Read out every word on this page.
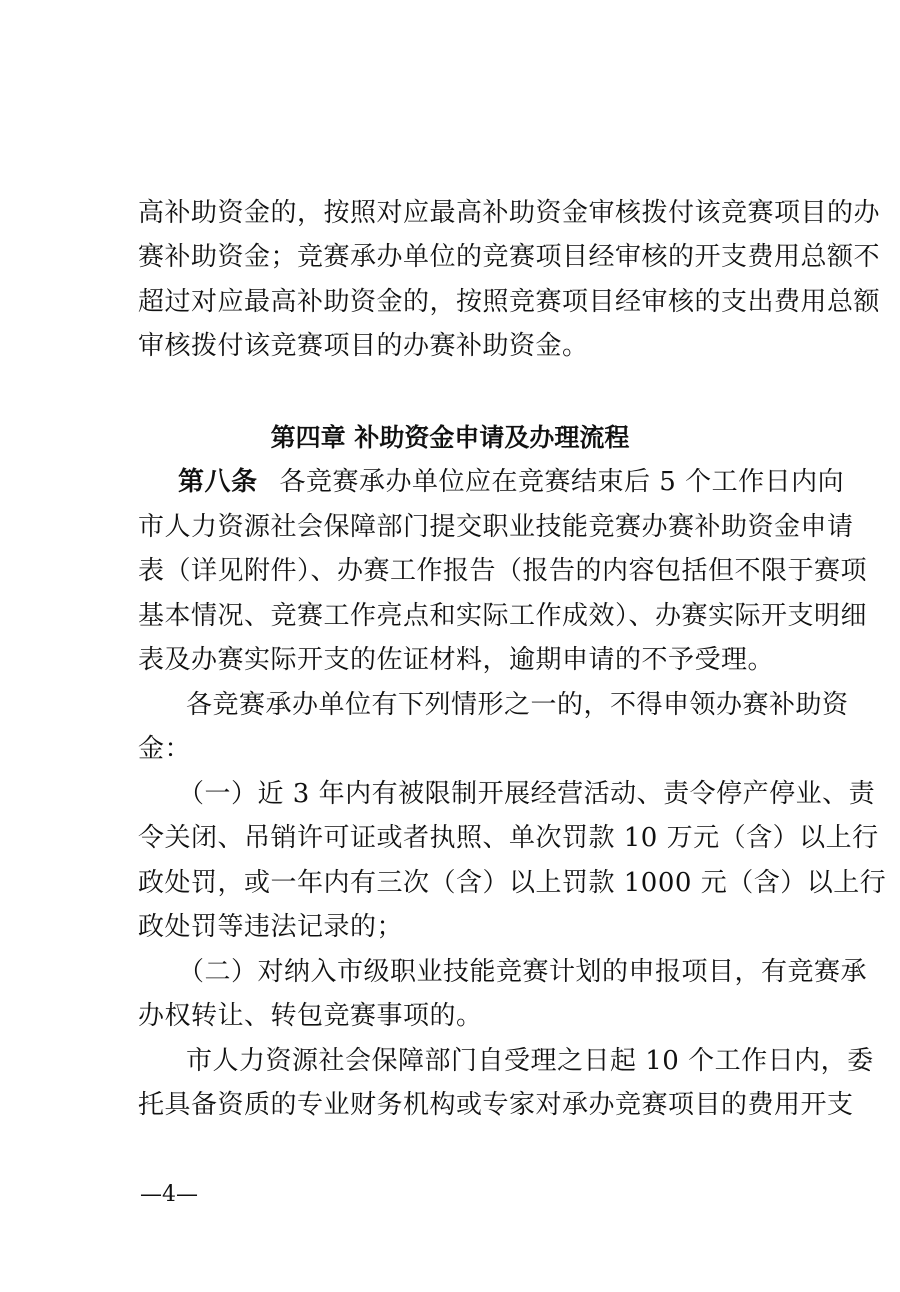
高补助资金的，按照对应最高补助资金审核拨付该竞赛项目的办
赛补助资金；竞赛承办单位的竞赛项目经审核的开支费用总额不
超过对应最高补助资金的，按照竞赛项目经审核的支出费用总额
审核拨付该竞赛项目的办赛补助资金。
第四章 补助资金申请及办理流程
第八条 各竞赛承办单位应在竞赛结束后 5 个工作日内向
市人力资源社会保障部门提交职业技能竞赛办赛补助资金申请
表（详见附件）、办赛工作报告（报告的内容包括但不限于赛项
基本情况、竞赛工作亮点和实际工作成效）、办赛实际开支明细
表及办赛实际开支的佐证材料，逾期申请的不予受理。
各竞赛承办单位有下列情形之一的，不得申领办赛补助资
金：
（一）近 3 年内有被限制开展经营活动、责令停产停业、责
令关闭、吊销许可证或者执照、单次罚款 10 万元（含）以上行
政处罚，或一年内有三次（含）以上罚款 1000 元（含）以上行
政处罚等违法记录的；
（二）对纳入市级职业技能竞赛计划的申报项目，有竞赛承
办权转让、转包竞赛事项的。
市人力资源社会保障部门自受理之日起 10 个工作日内，委
托具备资质的专业财务机构或专家对承办竞赛项目的费用开支
—4—
